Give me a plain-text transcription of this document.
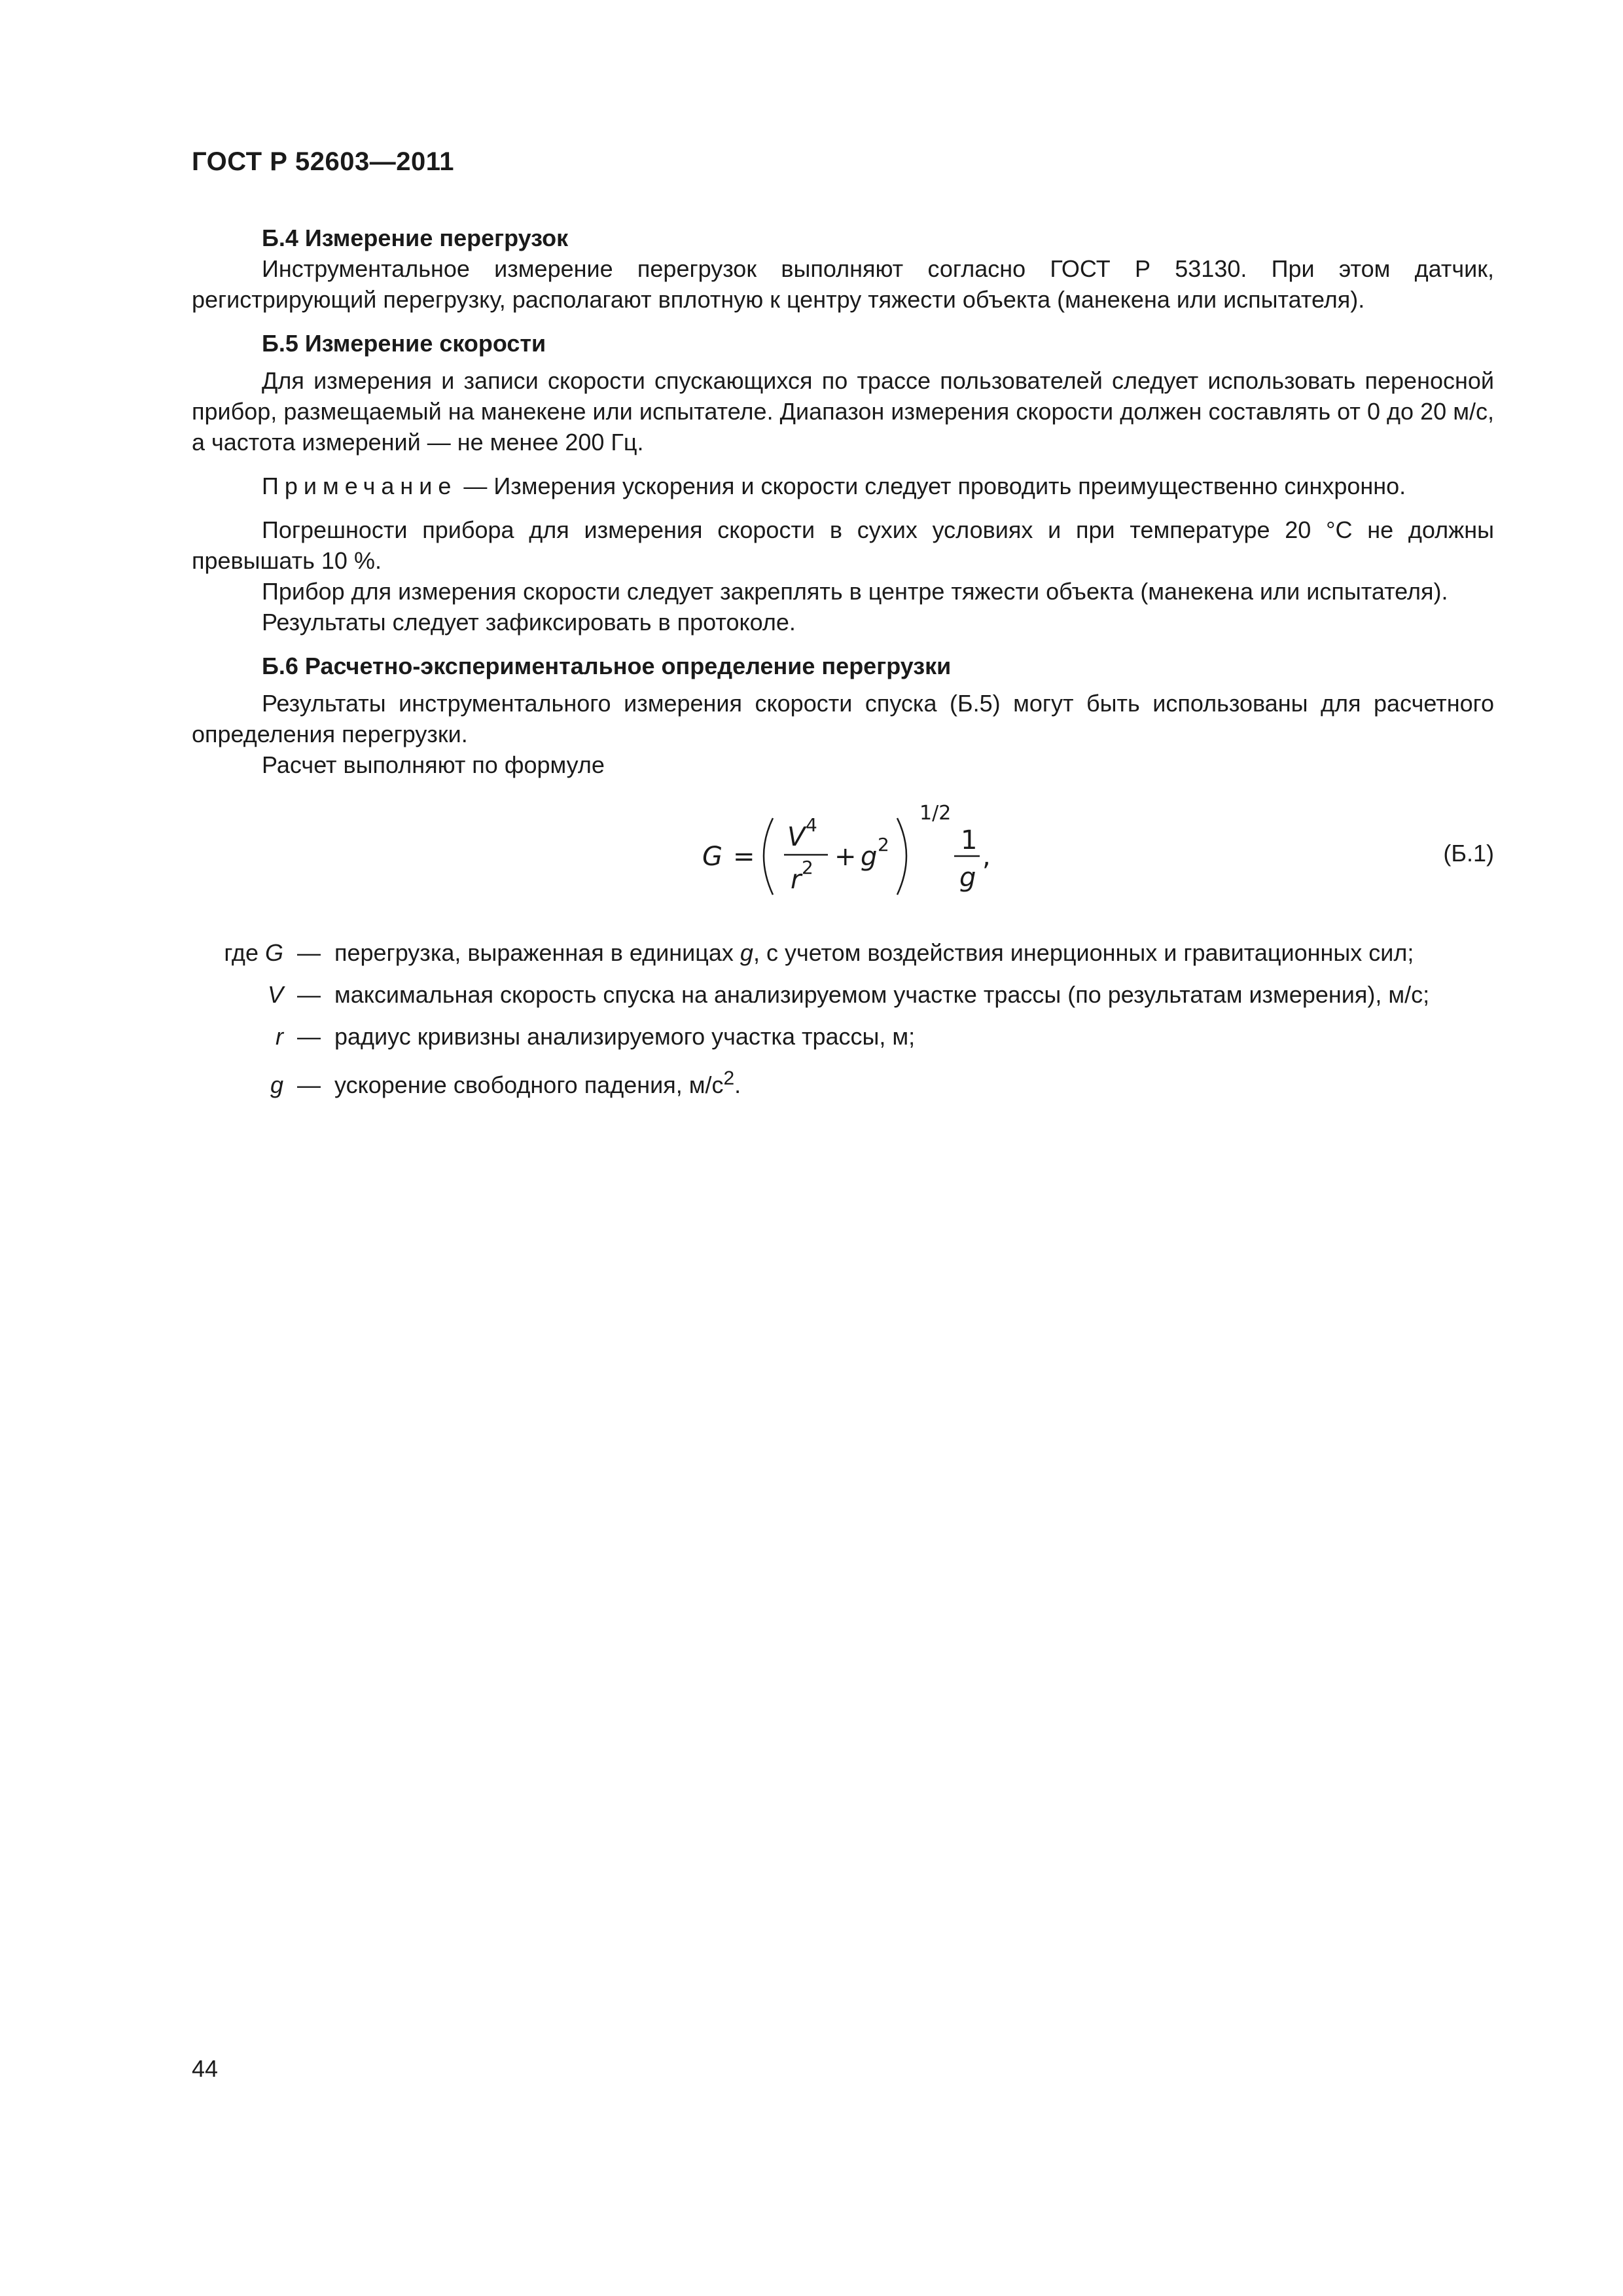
ГОСТ Р 52603—2011
Б.4 Измерение перегрузок

Инструментальное измерение перегрузок выполняют согласно ГОСТ Р 53130. При этом датчик, регистрирующий перегрузку, располагают вплотную к центру тяжести объекта (манекена или испытателя).

Б.5 Измерение скорости

Для измерения и записи скорости спускающихся по трассе пользователей следует использовать переносной прибор, размещаемый на манекене или испытателе. Диапазон измерения скорости должен составлять от 0 до 20 м/с, а частота измерений — не менее 200 Гц.

Примечание — Измерения ускорения и скорости следует проводить преимущественно синхронно.

Погрешности прибора для измерения скорости в сухих условиях и при температуре 20 °С не должны превышать 10 %.

Прибор для измерения скорости следует закреплять в центре тяжести объекта (манекена или испытателя).

Результаты следует зафиксировать в протоколе.

Б.6 Расчетно-экспериментальное определение перегрузки

Результаты инструментального измерения скорости спуска (Б.5) могут быть использованы для расчетного определения перегрузки.

Расчет выполняют по формуле

G =
V 4
r 2 + g 2
1/2
1
g
,	(Б.1)
где G — перегрузка, выраженная в единицах g, с учетом воздействия инерционных и гравитационных сил;
V — максимальная скорость спуска на анализируемом участке трассы (по результатам измерения), м/с;
r — радиус кривизны анализируемого участка трассы, м;
g — ускорение свободного падения, $м/с^2$.
44
